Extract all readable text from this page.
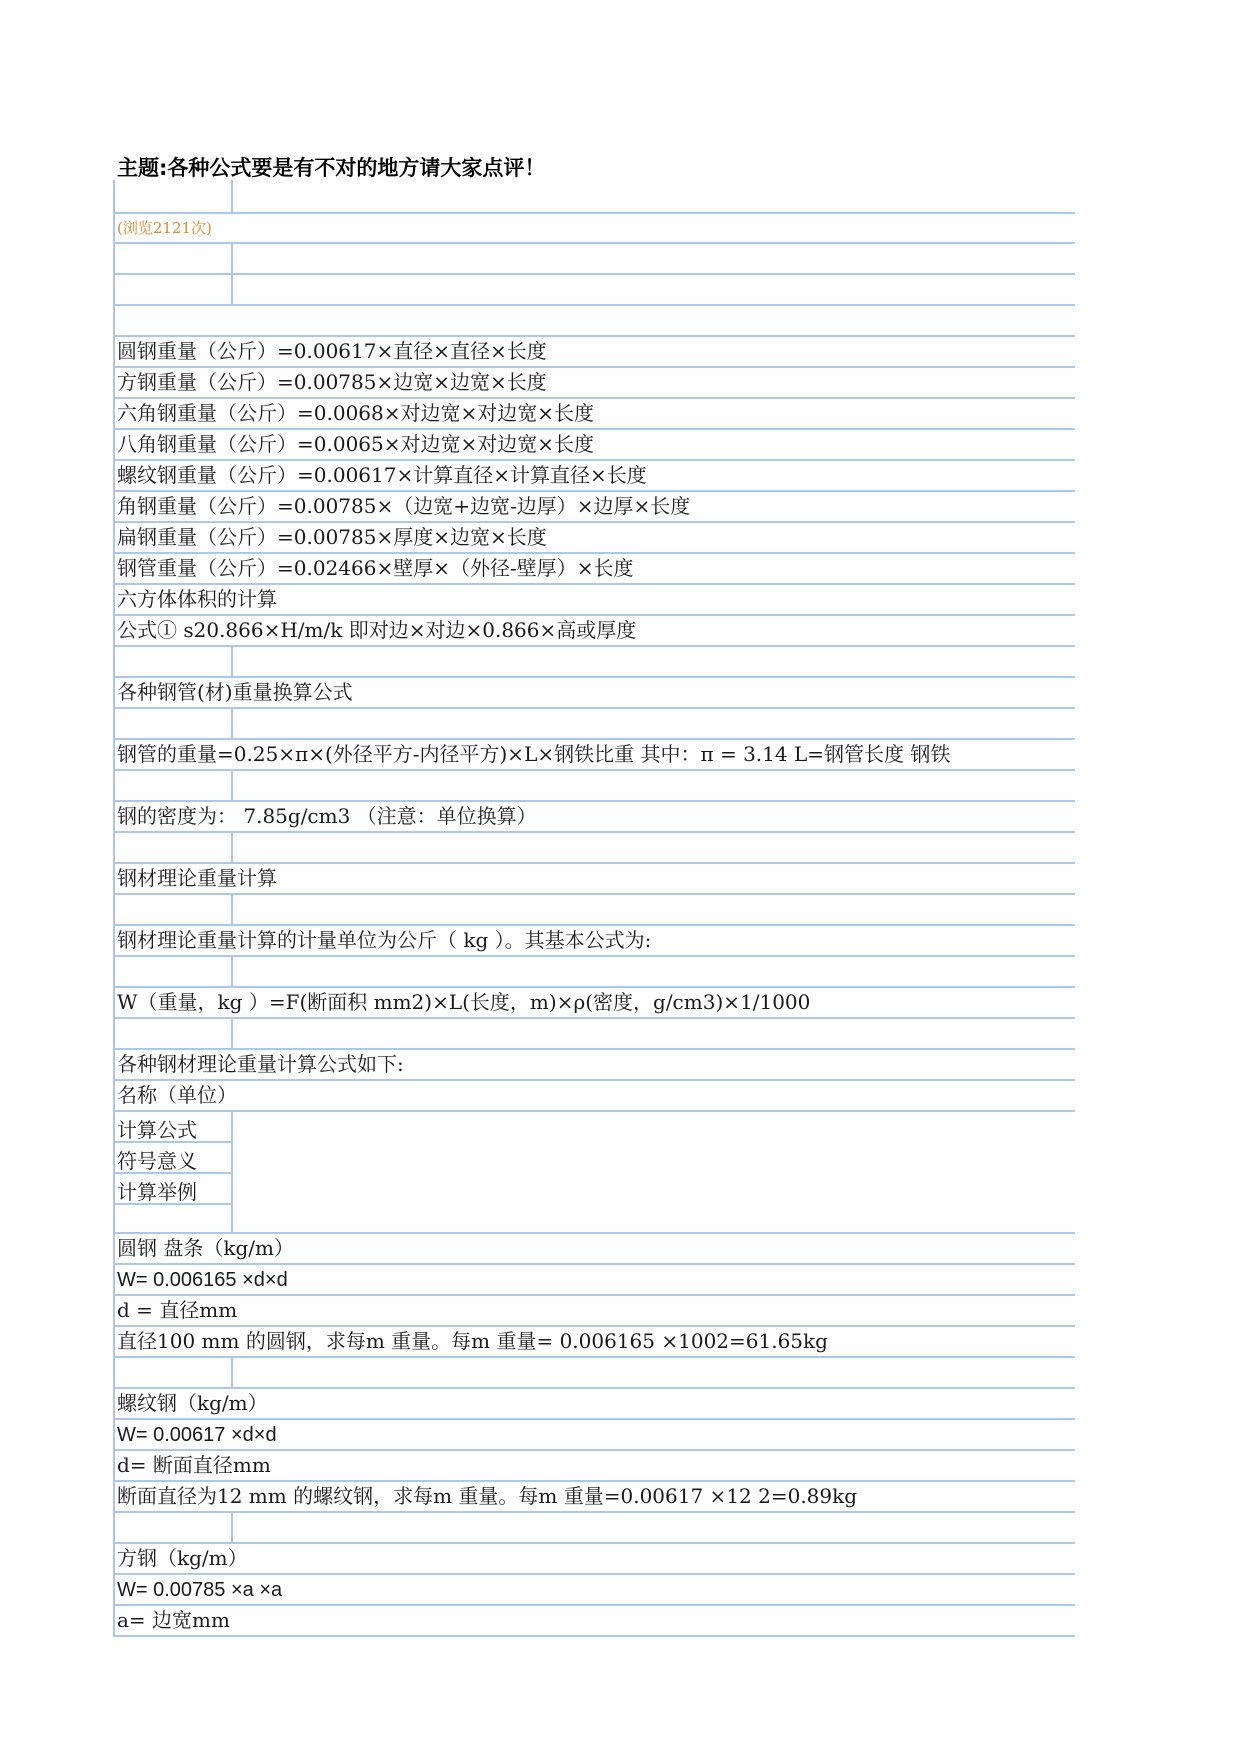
主题:各种公式要是有不对的地方请大家点评！
(浏览2121次)
圆钢重量（公斤）=0.00617×直径×直径×长度
方钢重量（公斤）=0.00785×边宽×边宽×长度
六角钢重量（公斤）=0.0068×对边宽×对边宽×长度
八角钢重量（公斤）=0.0065×对边宽×对边宽×长度
螺纹钢重量（公斤）=0.00617×计算直径×计算直径×长度
角钢重量（公斤）=0.00785×（边宽+边宽-边厚）×边厚×长度
扁钢重量（公斤）=0.00785×厚度×边宽×长度
钢管重量（公斤）=0.02466×壁厚×（外径-壁厚）×长度
六方体体积的计算
公式① s20.866×H/m/k 即对边×对边×0.866×高或厚度
各种钢管(材)重量换算公式
钢管的重量=0.25×π×(外径平方-内径平方)×L×钢铁比重 其中：π = 3.14 L=钢管长度 钢铁
钢的密度为： 7.85g/cm3 （注意：单位换算）
钢材理论重量计算
钢材理论重量计算的计量单位为公斤（ kg ）。其基本公式为:
W（重量，kg ）=F(断面积 mm2)×L(长度，m)×ρ(密度，g/cm3)×1/1000
各种钢材理论重量计算公式如下:
名称（单位）
计算公式
符号意义
计算举例
圆钢 盘条（kg/m）
W= 0.006165 ×d×d
d = 直径mm
直径100 mm 的圆钢，求每m 重量。每m 重量= 0.006165 ×1002=61.65kg
螺纹钢（kg/m）
W= 0.00617 ×d×d
d= 断面直径mm
断面直径为12 mm 的螺纹钢，求每m 重量。每m 重量=0.00617 ×12 2=0.89kg
方钢（kg/m）
W= 0.00785 ×a ×a
a= 边宽mm
